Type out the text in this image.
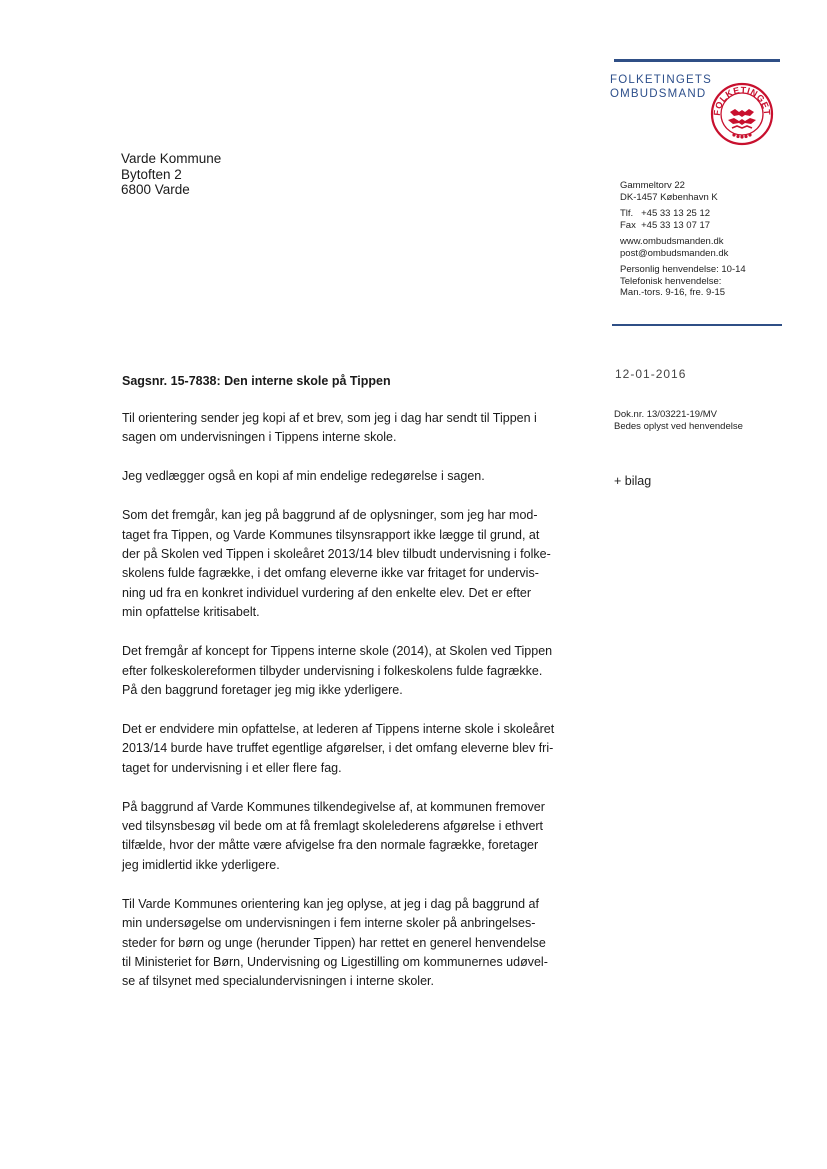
FOLKETINGETS
OMBUDSMAND
FOLKETINGET
Varde Kommune
Bytoften 2
6800 Varde	Gammeltorv 22
DK-1457 København K
Tlf.   +45 33 13 25 12
Fax  +45 33 13 07 17
www.ombudsmanden.dk
post@ombudsmanden.dk
Personlig henvendelse: 10-14
Telefonisk henvendelse:
Man.-tors. 9-16, fre. 9-15
12-01-2016
Dok.nr. 13/03221-19/MV
Bedes oplyst ved henvendelse
+ bilag
Sagsnr. 15-7838: Den interne skole på Tippen

Til orientering sender jeg kopi af et brev, som jeg i dag har sendt til Tippen i
sagen om undervisningen i Tippens interne skole.

Jeg vedlægger også en kopi af min endelige redegørelse i sagen.

Som det fremgår, kan jeg på baggrund af de oplysninger, som jeg har mod-
taget fra Tippen, og Varde Kommunes tilsynsrapport ikke lægge til grund, at
der på Skolen ved Tippen i skoleåret 2013/14 blev tilbudt undervisning i folke-
skolens fulde fagrække, i det omfang eleverne ikke var fritaget for undervis-
ning ud fra en konkret individuel vurdering af den enkelte elev. Det er efter
min opfattelse kritisabelt.

Det fremgår af koncept for Tippens interne skole (2014), at Skolen ved Tippen
efter folkeskolereformen tilbyder undervisning i folkeskolens fulde fagrække.
På den baggrund foretager jeg mig ikke yderligere.

Det er endvidere min opfattelse, at lederen af Tippens interne skole i skoleåret
2013/14 burde have truffet egentlige afgørelser, i det omfang eleverne blev fri-
taget for undervisning i et eller flere fag.

På baggrund af Varde Kommunes tilkendegivelse af, at kommunen fremover
ved tilsynsbesøg vil bede om at få fremlagt skolelederens afgørelse i ethvert
tilfælde, hvor der måtte være afvigelse fra den normale fagrække, foretager
jeg imidlertid ikke yderligere.

Til Varde Kommunes orientering kan jeg oplyse, at jeg i dag på baggrund af
min undersøgelse om undervisningen i fem interne skoler på anbringelses-
steder for børn og unge (herunder Tippen) har rettet en generel henvendelse
til Ministeriet for Børn, Undervisning og Ligestilling om kommunernes udøvel-
se af tilsynet med specialundervisningen i interne skoler.
